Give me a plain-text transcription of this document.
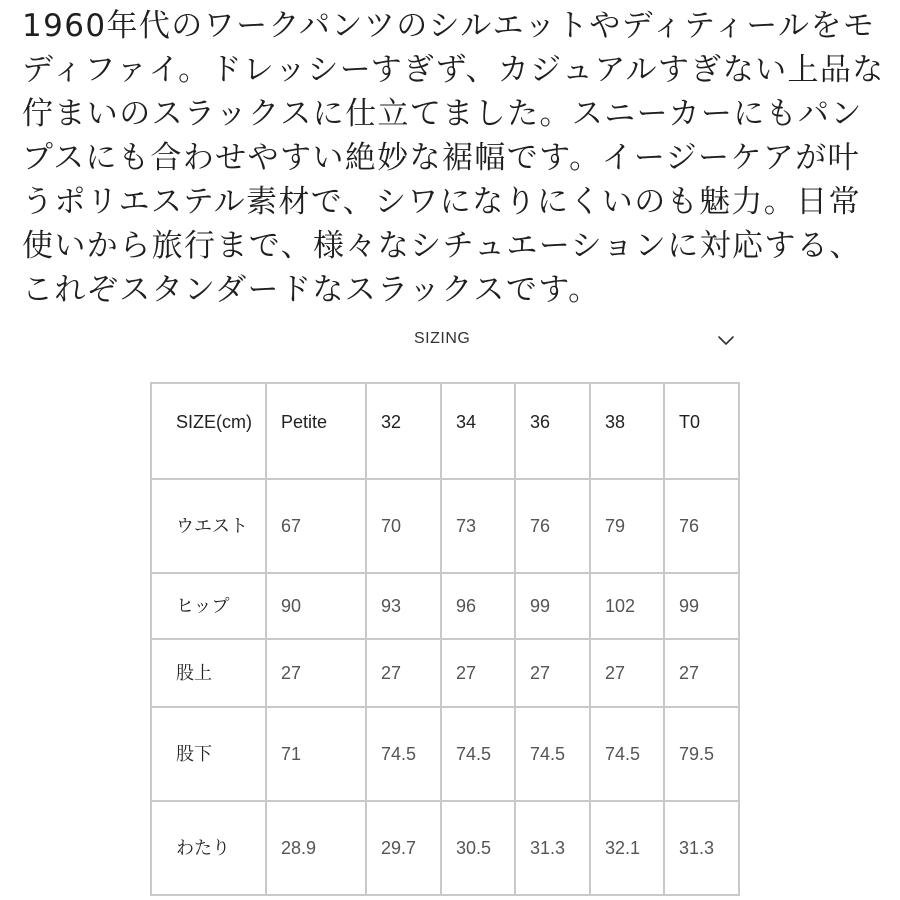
1960年代のワークパンツのシルエットやディティールをモディファイ。ドレッシーすぎず、カジュアルすぎない上品な佇まいのスラックスに仕立てました。スニーカーにもパンプスにも合わせやすい絶妙な裾幅です。イージーケアが叶うポリエステル素材で、シワになりにくいのも魅力。日常使いから旅行まで、様々なシチュエーションに対応する、これぞスタンダードなスラックスです。

SIZING
SIZE(cm)	Petite	32	34	36	38	T0
ウエスト	67	70	73	76	79	76
ヒップ	90	93	96	99	102	99
股上	27	27	27	27	27	27
股下	71	74.5	74.5	74.5	74.5	79.5
わたり	28.9	29.7	30.5	31.3	32.1	31.3
